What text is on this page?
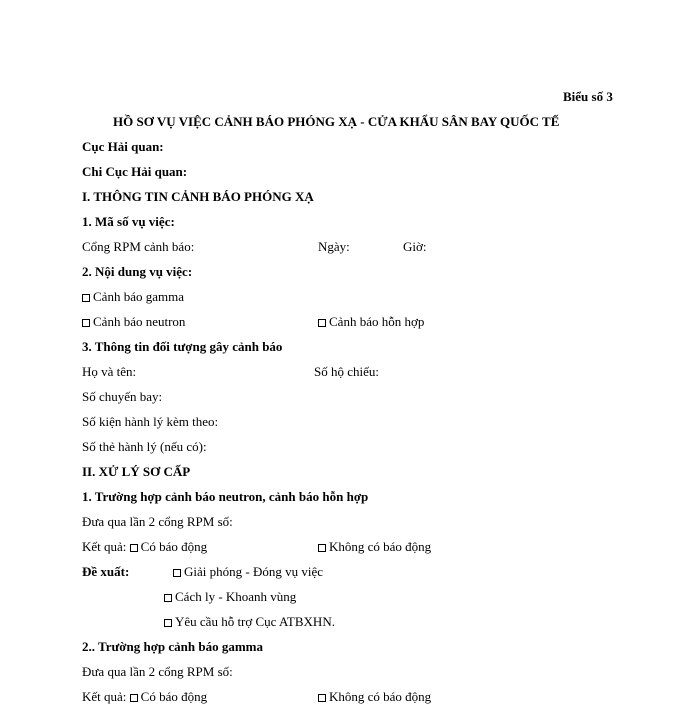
Biểu số 3
HỒ SƠ VỤ VIỆC CẢNH BÁO PHÓNG XẠ - CỬA KHẨU SÂN BAY QUỐC TẾ
Cục Hải quan:
Chi Cục Hải quan:
I. THÔNG TIN CẢNH BÁO PHÓNG XẠ
1. Mã số vụ việc:
Cổng RPM cảnh báo:	Ngày:	Giờ:
2. Nội dung vụ việc:
Cảnh báo gamma
Cảnh báo neutron	Cảnh báo hỗn hợp
3. Thông tin đối tượng gây cảnh báo
Họ và tên:	Số hộ chiếu:
Số chuyến bay:
Số kiện hành lý kèm theo:
Số thẻ hành lý (nếu có):
II. XỬ LÝ SƠ CẤP
1. Trường hợp cảnh báo neutron, cảnh báo hỗn hợp
Đưa qua lần 2 cổng RPM số:
Kết quả: Có báo động	Không có báo động
Đề xuất:	Giải phóng - Đóng vụ việc
Cách ly - Khoanh vùng
Yêu cầu hỗ trợ Cục ATBXHN.
2.. Trường hợp cảnh báo gamma
Đưa qua lần 2 cổng RPM số:
Kết quả: Có báo động	Không có báo động
